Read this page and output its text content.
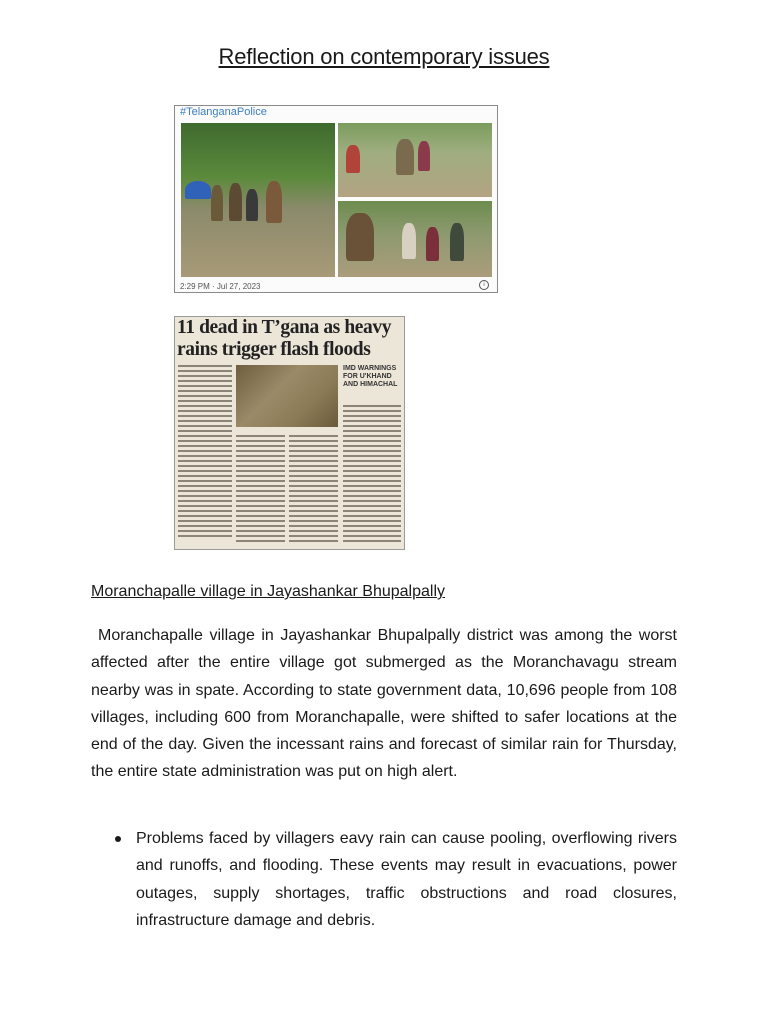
Reflection on contemporary issues
#TelanganaPolice
2:29 PM · Jul 27, 2023	i
11 dead in T’gana as heavy rains trigger flash floods
IMD WARNINGS FOR U'KHAND AND HIMACHAL
Moranchapalle village in Jayashankar Bhupalpally

Moranchapalle village in Jayashankar Bhupalpally district was among the worst affected after the entire village got submerged as the Moranchavagu stream nearby was in spate. According to state government data, 10,696 people from 108 villages, including 600 from Moranchapalle, were shifted to safer locations at the end of the day. Given the incessant rains and forecast of similar rain for Thursday, the entire state administration was put on high alert.

Problems faced by villagers eavy rain can cause pooling, overflowing rivers and runoffs, and flooding. These events may result in evacuations, power outages, supply shortages, traffic obstructions and road closures, infrastructure damage and debris.
